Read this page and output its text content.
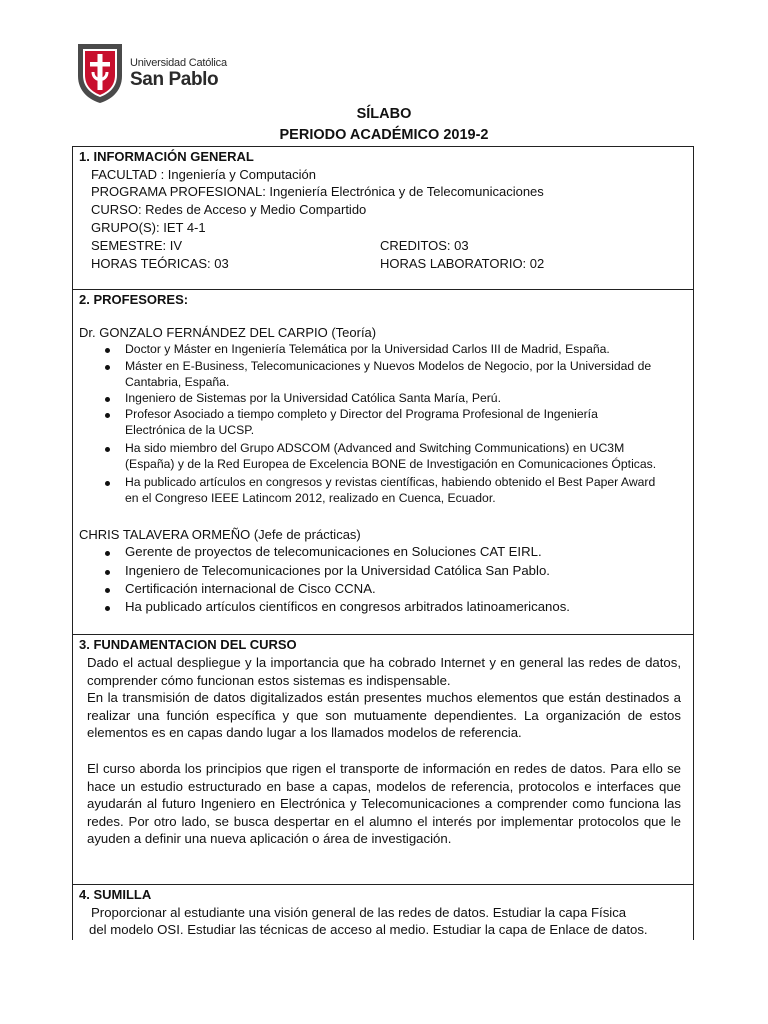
Universidad Católica
San Pablo
SÍLABO
PERIODO ACADÉMICO 2019-2
1. INFORMACIÓN GENERAL
FACULTAD : Ingeniería y Computación
PROGRAMA PROFESIONAL: Ingeniería Electrónica y de Telecomunicaciones
CURSO: Redes de Acceso y Medio Compartido
GRUPO(S): IET 4-1
SEMESTRE: IV	CREDITOS: 03
HORAS TEÓRICAS: 03	HORAS LABORATORIO: 02
2. PROFESORES:
Dr. GONZALO FERNÁNDEZ DEL CARPIO (Teoría)
Doctor y Máster en Ingeniería Telemática por la Universidad Carlos III de Madrid, España.
Máster en E-Business, Telecomunicaciones y Nuevos Modelos de Negocio, por la Universidad de
Cantabria, España.
Ingeniero de Sistemas por la Universidad Católica Santa María, Perú.
Profesor Asociado a tiempo completo y Director del Programa Profesional de Ingeniería
Electrónica de la UCSP.
Ha sido miembro del Grupo ADSCOM (Advanced and Switching Communications) en UC3M
(España) y de la Red Europea de Excelencia BONE de Investigación en Comunicaciones Ópticas.
Ha publicado artículos en congresos y revistas científicas, habiendo obtenido el Best Paper Award
en el Congreso IEEE Latincom 2012, realizado en Cuenca, Ecuador.
CHRIS TALAVERA ORMEÑO (Jefe de prácticas)
Gerente de proyectos de telecomunicaciones en Soluciones CAT EIRL.
Ingeniero de Telecomunicaciones por la Universidad Católica San Pablo.
Certificación internacional de Cisco CCNA.
Ha publicado artículos científicos en congresos arbitrados latinoamericanos.
3. FUNDAMENTACION DEL CURSO
Dado el actual despliegue y la importancia que ha cobrado Internet y en general las redes de datos, comprender cómo funcionan estos sistemas es indispensable.
En la transmisión de datos digitalizados están presentes muchos elementos que están destinados a realizar una función específica y que son mutuamente dependientes. La organización de estos elementos es en capas dando lugar a los llamados modelos de referencia.
El curso aborda los principios que rigen el transporte de información en redes de datos. Para ello se hace un estudio estructurado en base a capas, modelos de referencia, protocolos e interfaces que ayudarán al futuro Ingeniero en Electrónica y Telecomunicaciones a comprender como funciona las redes. Por otro lado, se busca despertar en el alumno el interés por implementar protocolos que le ayuden a definir una nueva aplicación o área de investigación.
4. SUMILLA
Proporcionar al estudiante una visión general de las redes de datos. Estudiar la capa Física
del modelo OSI. Estudiar las técnicas de acceso al medio. Estudiar la capa de Enlace de datos.
